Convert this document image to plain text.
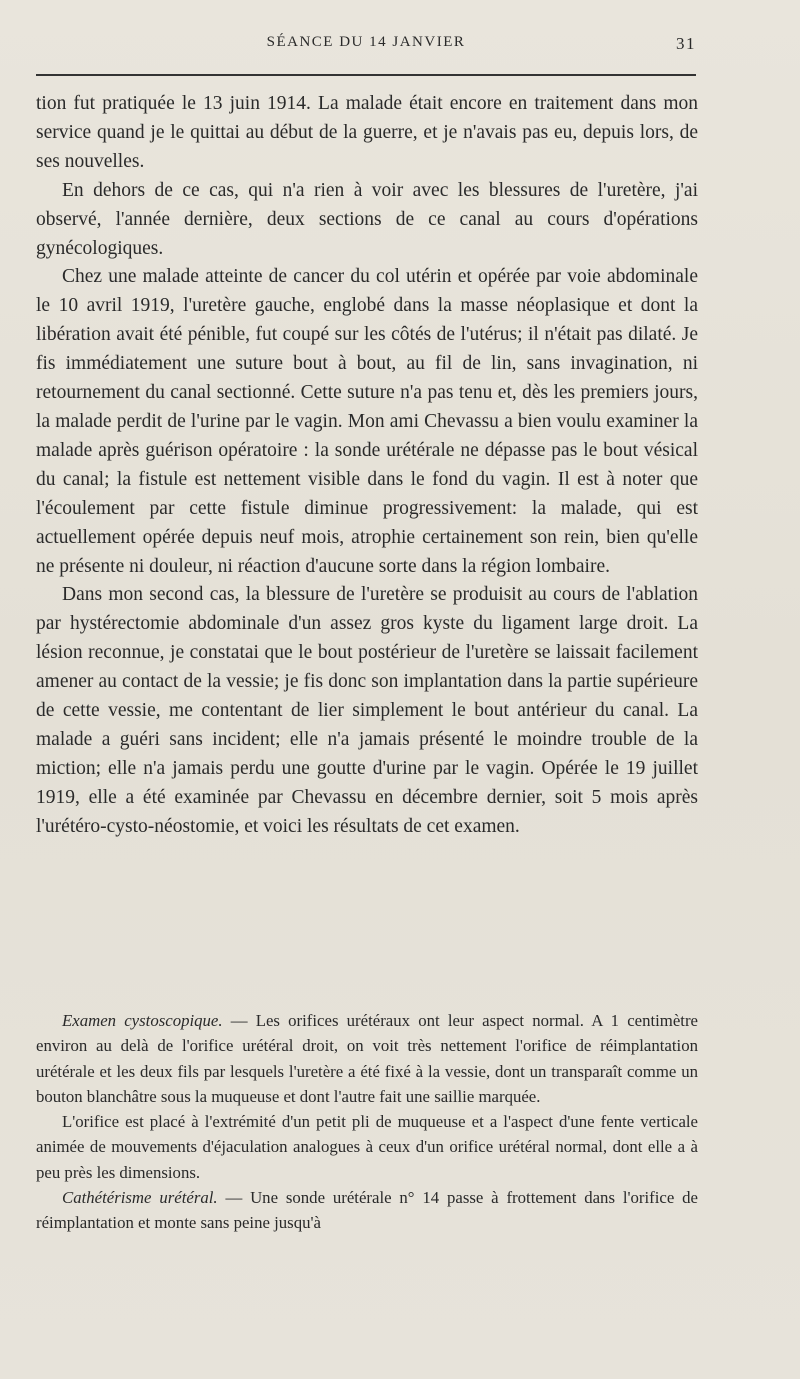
SÉANCE DU 14 JANVIER	31

tion fut pratiquée le 13 juin 1914. La malade était encore en traitement dans mon service quand je le quittai au début de la guerre, et je n'avais pas eu, depuis lors, de ses nouvelles.

En dehors de ce cas, qui n'a rien à voir avec les blessures de l'uretère, j'ai observé, l'année dernière, deux sections de ce canal au cours d'opérations gynécologiques.

Chez une malade atteinte de cancer du col utérin et opérée par voie abdominale le 10 avril 1919, l'uretère gauche, englobé dans la masse néoplasique et dont la libération avait été pénible, fut coupé sur les côtés de l'utérus; il n'était pas dilaté. Je fis immédiatement une suture bout à bout, au fil de lin, sans invagination, ni retournement du canal sectionné. Cette suture n'a pas tenu et, dès les premiers jours, la malade perdit de l'urine par le vagin. Mon ami Chevassu a bien voulu examiner la malade après guérison opératoire : la sonde urétérale ne dépasse pas le bout vésical du canal; la fistule est nettement visible dans le fond du vagin. Il est à noter que l'écoulement par cette fistule diminue progressivement: la malade, qui est actuellement opérée depuis neuf mois, atrophie certainement son rein, bien qu'elle ne présente ni douleur, ni réaction d'aucune sorte dans la région lombaire.

Dans mon second cas, la blessure de l'uretère se produisit au cours de l'ablation par hystérectomie abdominale d'un assez gros kyste du ligament large droit. La lésion reconnue, je constatai que le bout postérieur de l'uretère se laissait facilement amener au contact de la vessie; je fis donc son implantation dans la partie supérieure de cette vessie, me contentant de lier simplement le bout antérieur du canal. La malade a guéri sans incident; elle n'a jamais présenté le moindre trouble de la miction; elle n'a jamais perdu une goutte d'urine par le vagin. Opérée le 19 juillet 1919, elle a été examinée par Chevassu en décembre dernier, soit 5 mois après l'urétéro-cysto-néostomie, et voici les résultats de cet examen.

Examen cystoscopique. — Les orifices urétéraux ont leur aspect normal. A 1 centimètre environ au delà de l'orifice urétéral droit, on voit très nettement l'orifice de réimplantation urétérale et les deux fils par lesquels l'uretère a été fixé à la vessie, dont un transparaît comme un bouton blanchâtre sous la muqueuse et dont l'autre fait une saillie marquée.

L'orifice est placé à l'extrémité d'un petit pli de muqueuse et a l'aspect d'une fente verticale animée de mouvements d'éjaculation analogues à ceux d'un orifice urétéral normal, dont elle a à peu près les dimensions.

Cathétérisme urétéral. — Une sonde urétérale n° 14 passe à frottement dans l'orifice de réimplantation et monte sans peine jusqu'à
